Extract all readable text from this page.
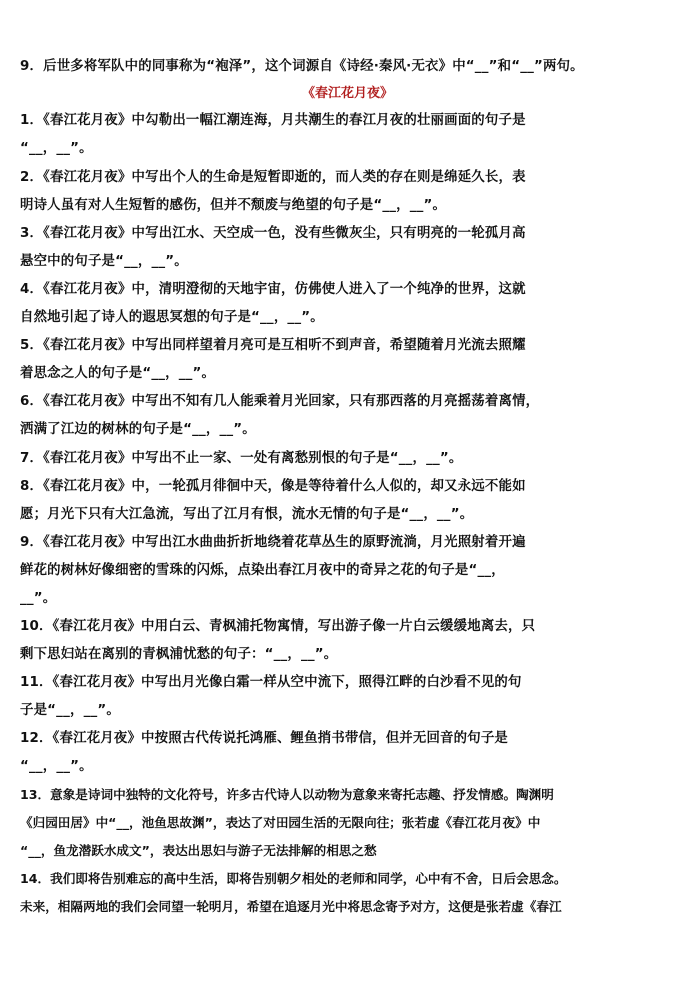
9．后世多将军队中的同事称为“袍泽”，这个词源自《诗经·秦风·无衣》中“__”和“__”两句。
《春江花月夜》
1．《春江花月夜》中勾勒出一幅江潮连海，月共潮生的春江月夜的壮丽画面的句子是
“__，__”。
2．《春江花月夜》中写出个人的生命是短暂即逝的，而人类的存在则是绵延久长，表
明诗人虽有对人生短暂的感伤，但并不颓废与绝望的句子是“__，__”。
3．《春江花月夜》中写出江水、天空成一色，没有些微灰尘，只有明亮的一轮孤月高
悬空中的句子是“__，__”。
4．《春江花月夜》中，清明澄彻的天地宇宙，仿佛使人进入了一个纯净的世界，这就
自然地引起了诗人的遐思冥想的句子是“__，__”。
5．《春江花月夜》中写出同样望着月亮可是互相听不到声音，希望随着月光流去照耀
着思念之人的句子是“__，__”。
6．《春江花月夜》中写出不知有几人能乘着月光回家，只有那西落的月亮摇荡着离情，
洒满了江边的树林的句子是“__，__”。
7．《春江花月夜》中写出不止一家、一处有离愁别恨的句子是“__，__”。
8．《春江花月夜》中，一轮孤月徘徊中天，像是等待着什么人似的，却又永远不能如
愿；月光下只有大江急流，写出了江月有恨，流水无情的句子是“__，__”。
9．《春江花月夜》中写出江水曲曲折折地绕着花草丛生的原野流淌，月光照射着开遍
鲜花的树林好像细密的雪珠的闪烁，点染出春江月夜中的奇异之花的句子是“__，
__”。
10．《春江花月夜》中用白云、青枫浦托物寓情，写出游子像一片白云缓缓地离去，只
剩下思妇站在离别的青枫浦忧愁的句子：“__，__”。
11．《春江花月夜》中写出月光像白霜一样从空中流下，照得江畔的白沙看不见的句
子是“__，__”。
12．《春江花月夜》中按照古代传说托鸿雁、鲤鱼捎书带信，但并无回音的句子是
“__，__”。
13．意象是诗词中独特的文化符号，许多古代诗人以动物为意象来寄托志趣、抒发情感。陶渊明
《归园田居》中“__，池鱼思故渊”，表达了对田园生活的无限向往；张若虚《春江花月夜》中
“__，鱼龙潜跃水成文”，表达出思妇与游子无法排解的相思之愁
14．我们即将告别难忘的高中生活，即将告别朝夕相处的老师和同学，心中有不舍，日后会思念。
未来，相隔两地的我们会同望一轮明月，希望在追逐月光中将思念寄予对方，这便是张若虚《春江
